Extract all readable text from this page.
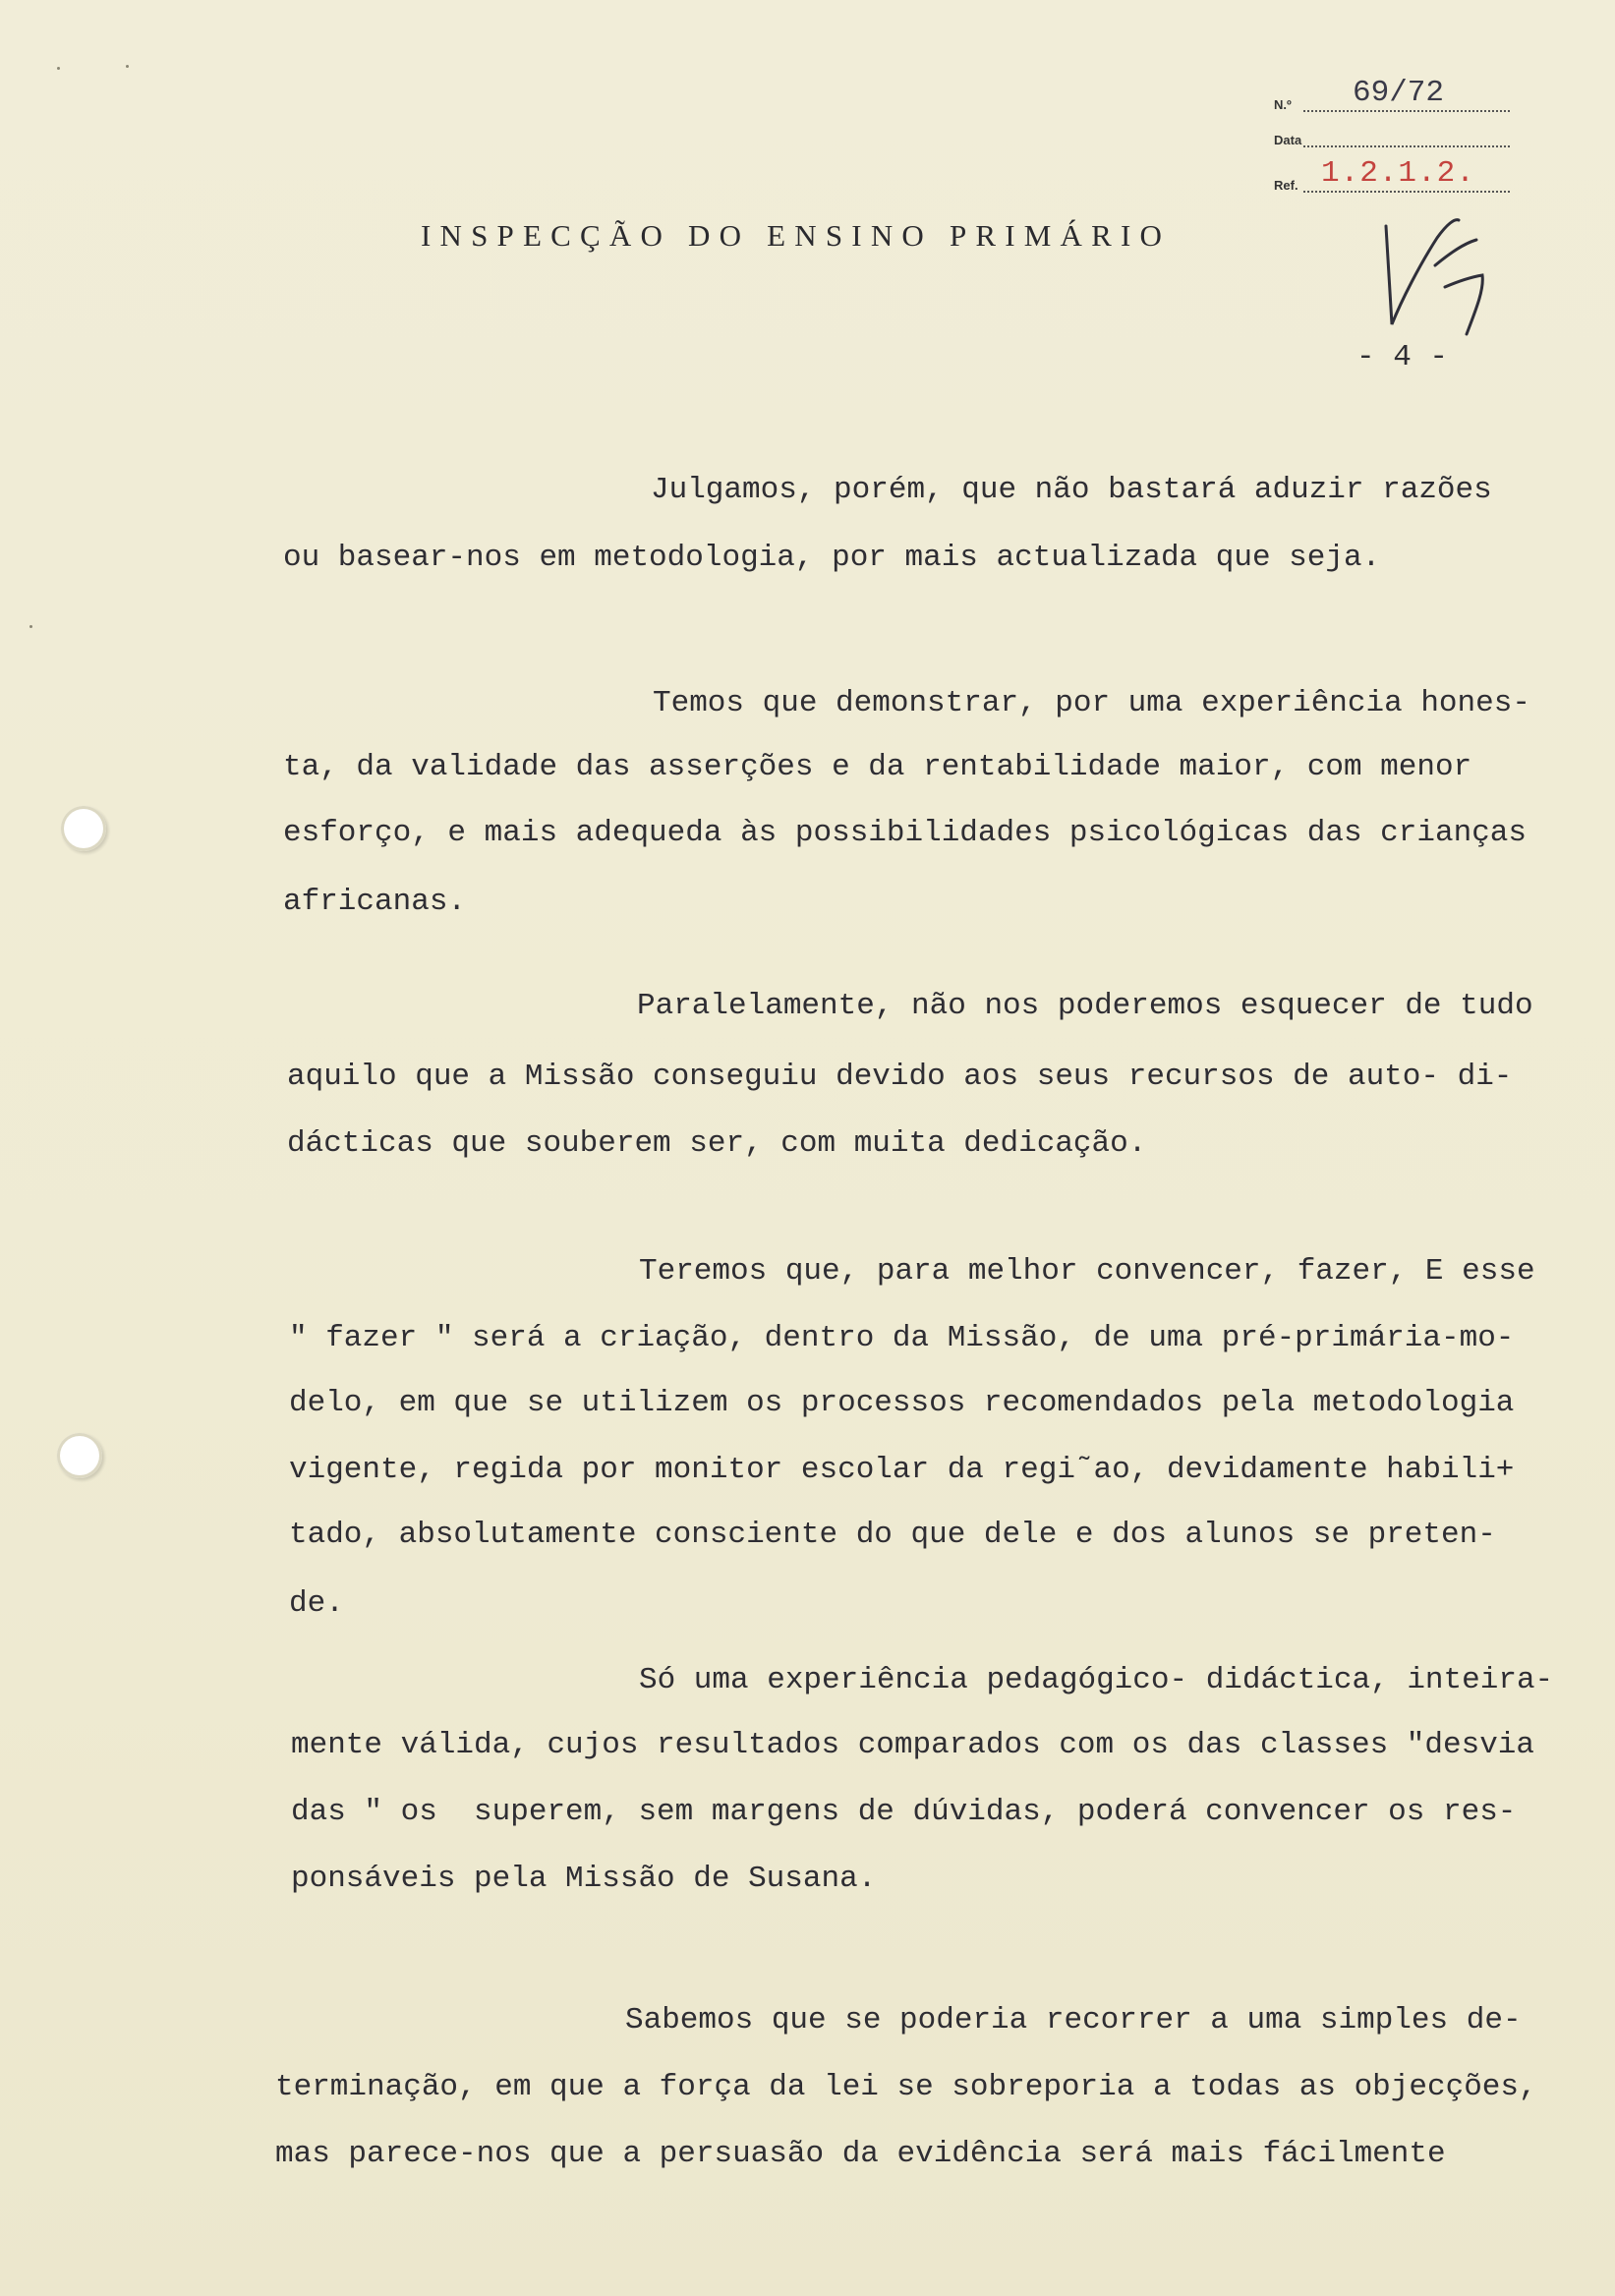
N.º 69/72
Data
Ref. 1.2.1.2.
INSPECÇÃO DO ENSINO PRIMÁRIO
- 4 -
Julgamos, porém, que não bastará aduzir razões
ou basear-nos em metodologia, por mais actualizada que seja.
Temos que demonstrar, por uma experiência hones-
ta, da validade das asserções e da rentabilidade maior, com menor
esforço, e mais adequeda às possibilidades psicológicas das crianças
africanas.
Paralelamente, não nos poderemos esquecer de tudo
aquilo que a Missão conseguiu devido aos seus recursos de auto- di-
dácticas que souberem ser, com muita dedicação.
Teremos que, para melhor convencer, fazer, E esse
" fazer " será a criação, dentro da Missão, de uma pré-primária-mo-
delo, em que se utilizem os processos recomendados pela metodologia
vigente, regida por monitor escolar da regi˜ao, devidamente habili+
tado, absolutamente consciente do que dele e dos alunos se preten-
de.
Só uma experiência pedagógico- didáctica, inteira-
mente válida, cujos resultados comparados com os das classes "desvia
das " os  superem, sem margens de dúvidas, poderá convencer os res-
ponsáveis pela Missão de Susana.
Sabemos que se poderia recorrer a uma simples de-
terminação, em que a força da lei se sobreporia a todas as objecções,
mas parece-nos que a persuasão da evidência será mais fácilmente
